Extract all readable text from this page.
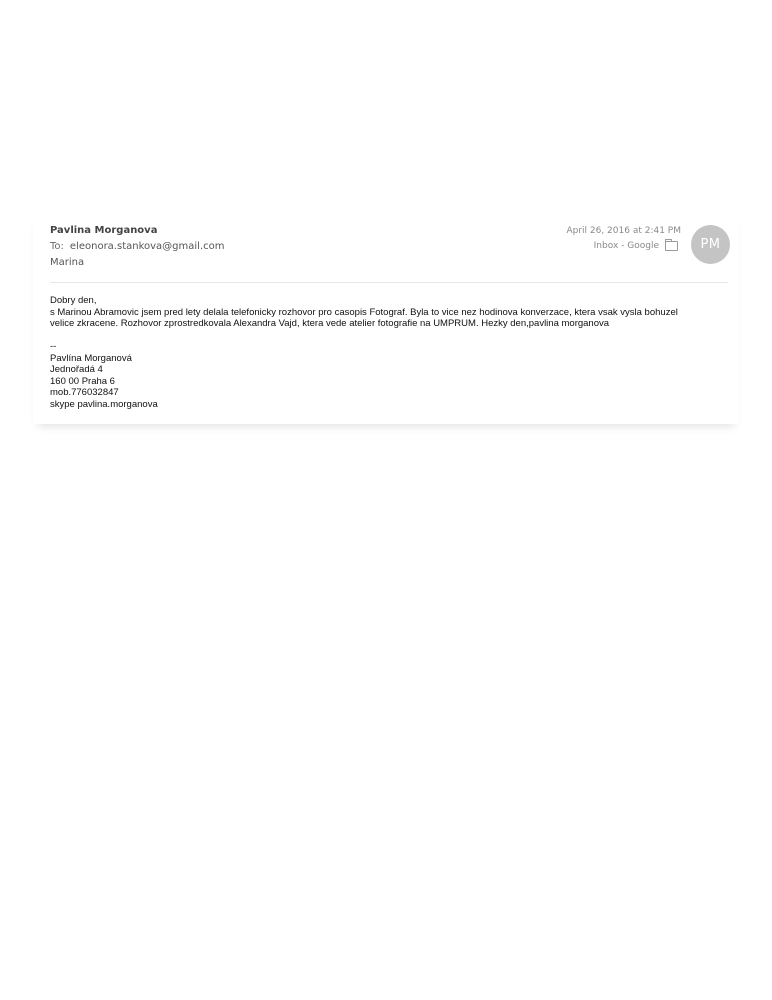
Pavlina Morganova
To: eleonora.stankova@gmail.com
Marina
April 26, 2016 at 2:41 PM
Inbox - Google	PM

Dobry den,

s Marinou Abramovic jsem pred lety delala telefonicky rozhovor pro casopis Fotograf. Byla to vice nez hodinova konverzace, ktera vsak vysla bohuzel

velice zkracene. Rozhovor zprostredkovala Alexandra Vajd, ktera vede atelier fotografie na UMPRUM. Hezky den,pavlina morganova

--

Pavlína Morganová

Jednořadá 4

160 00 Praha 6

mob.776032847

skype pavlina.morganova
